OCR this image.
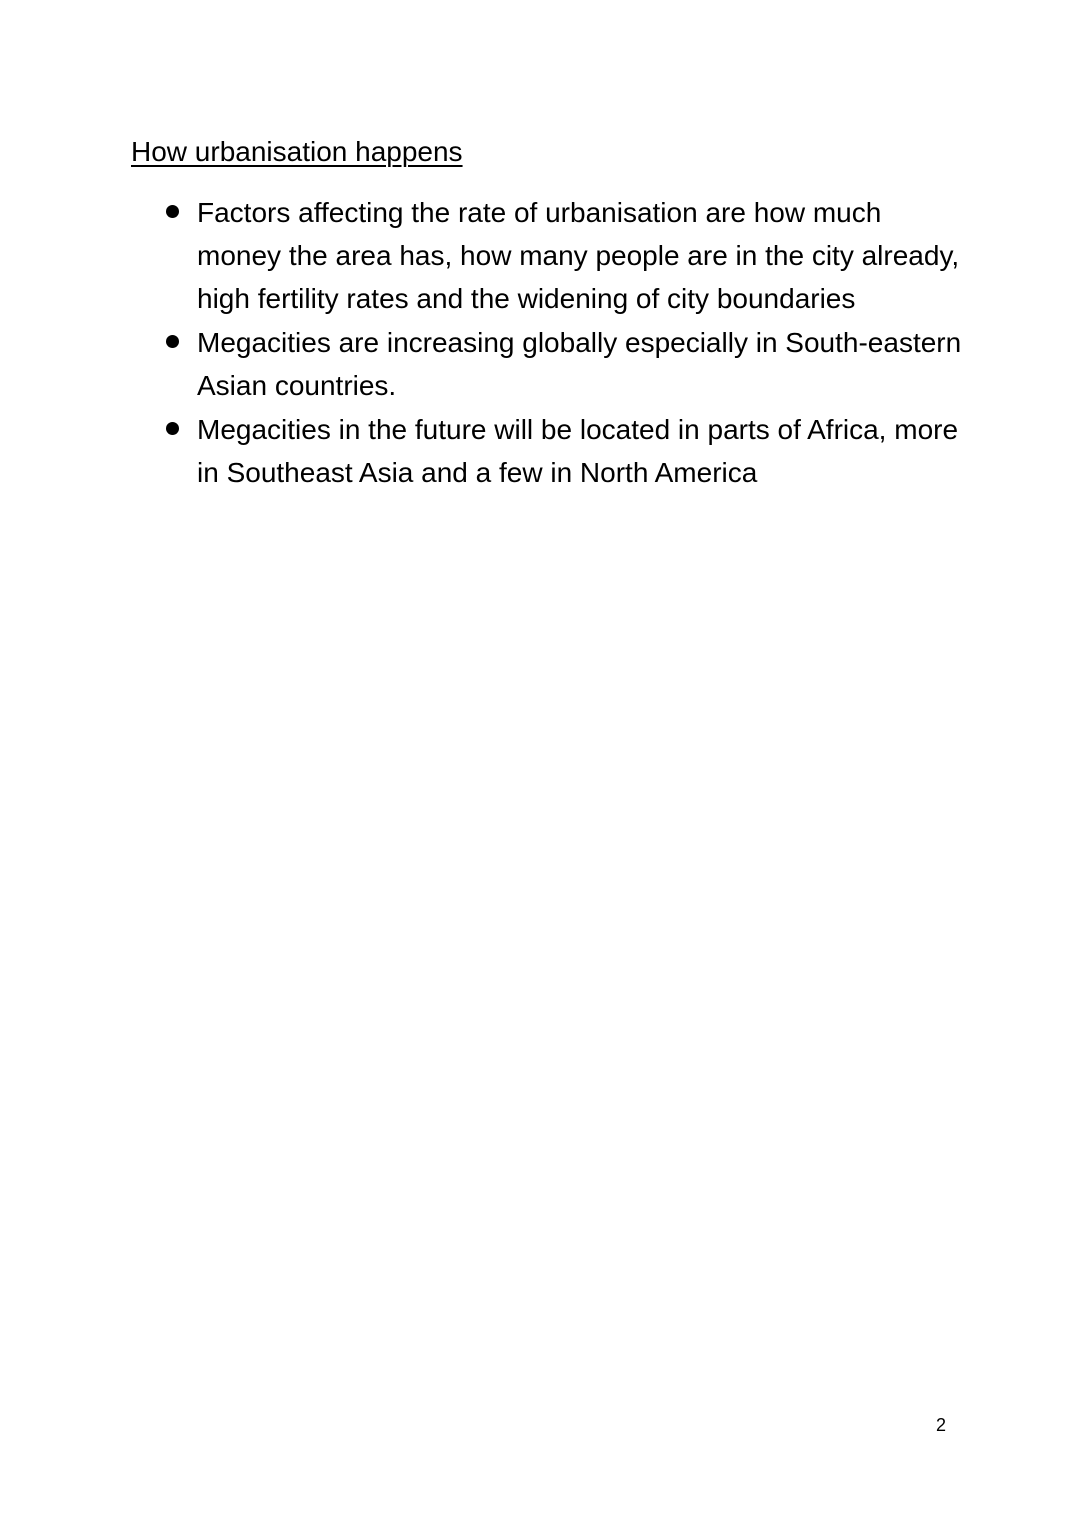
How urbanisation happens
Factors affecting the rate of urbanisation are how much money the area has, how many people are in the city already, high fertility rates and the widening of city boundaries
Megacities are increasing globally especially in South-eastern Asian countries.
Megacities in the future will be located in parts of Africa, more in Southeast Asia and a few in North America
2
